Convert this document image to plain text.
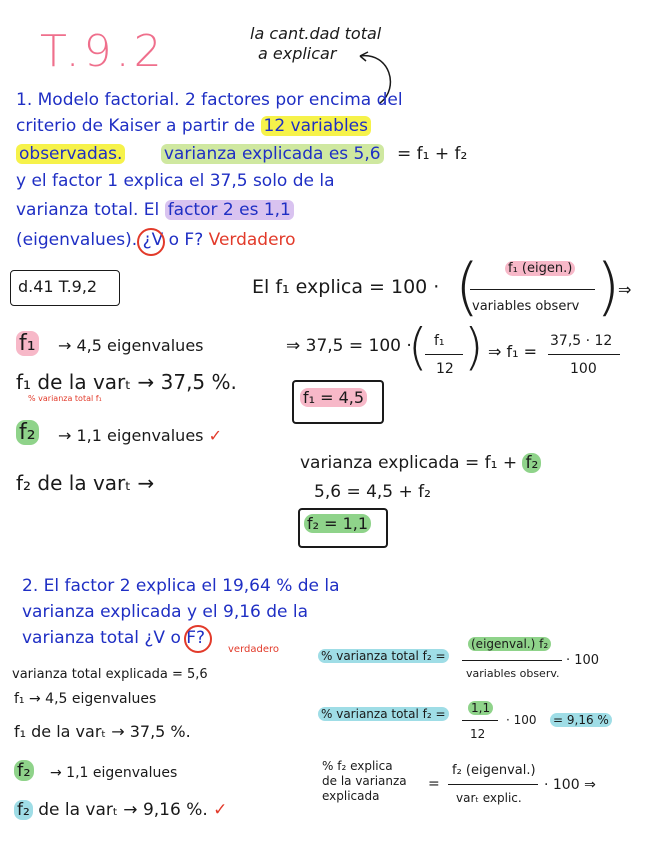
T.9.2	la cant.dad total
a explicar
1. Modelo factorial. 2 factores por encima del
criterio de Kaiser a partir de 12 variables
observadas. varianza explicada es 5,6 = f₁ + f₂
y el factor 1 explica el 37,5 solo de la
varianza total. El factor 2 es 1,1
(eigenvalues). ¿V o F? Verdadero
d.41 T.9,2
f₁ → 4,5 eigenvalues
f₁ de la varₜ → 37,5 %.
% varianza total f₁
f₂ → 1,1 eigenvalues ✓
f₂ de la varₜ →
El f₁ explica = 100 · ( f₁ (eigen.)
variables observ )
⇒
⇒ 37,5 = 100 ·
( f₁
12 ) ⇒ f₁ =
37,5 · 12
100
f₁ = 4,5
varianza explicada = f₁ + f₂
5,6 = 4,5 + f₂
f₂ = 1,1
2. El factor 2 explica el 19,64 % de la
varianza explicada y el 9,16 de la
varianza total ¿V o F?
verdadero
varianza total explicada = 5,6
f₁ → 4,5 eigenvalues
f₁ de la varₜ → 37,5 %.
f₂ → 1,1 eigenvalues
f₂ de la varₜ → 9,16 %. ✓
% varianza total f₂ =
(eigenval.) f₂
variables observ.
· 100
% varianza total f₂ = 1,1
12
· 100 = 9,16 %
% f₂ explica
de la varianza
explicada
=
f₂ (eigenval.)
varₜ explic.
· 100 ⇒
